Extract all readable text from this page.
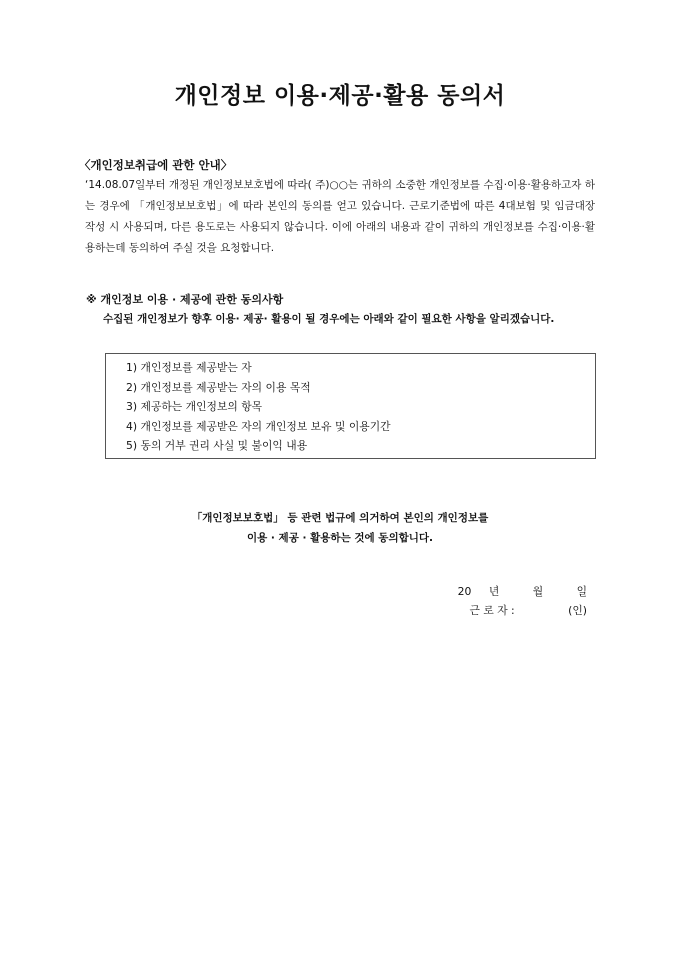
개인정보 이용·제공·활용 동의서
〈개인정보취급에 관한 안내〉
‘14.08.07일부터 개정된 개인정보보호법에 따라( 주)○○는 귀하의 소중한 개인정보를 수집·이용·활용하고자 하는 경우에 「개인정보보호법」에 따라 본인의 동의를 얻고 있습니다. 근로기준법에 따른 4대보험 및 임금대장 작성 시 사용되며, 다른 용도로는 사용되지 않습니다. 이에 아래의 내용과 같이 귀하의 개인정보를 수집·이용·활용하는데 동의하여 주실 것을 요청합니다.
※ 개인정보 이용 · 제공에 관한 동의사항
수집된 개인정보가 향후 이용· 제공· 활용이 될 경우에는 아래와 같이 필요한 사항을 알리겠습니다.
1) 개인정보를 제공받는 자
2) 개인정보를 제공받는 자의 이용 목적
3) 제공하는 개인정보의 항목
4) 개인정보를 제공받은 자의 개인정보 보유 및 이용기간
5) 동의 거부 권리 사실 및 불이익 내용
「개인정보보호법」 등 관련 법규에 의거하여 본인의 개인정보를
이용 · 제공 · 활용하는 것에 동의합니다.
20 년	월	일
근 로 자 :	(인)
